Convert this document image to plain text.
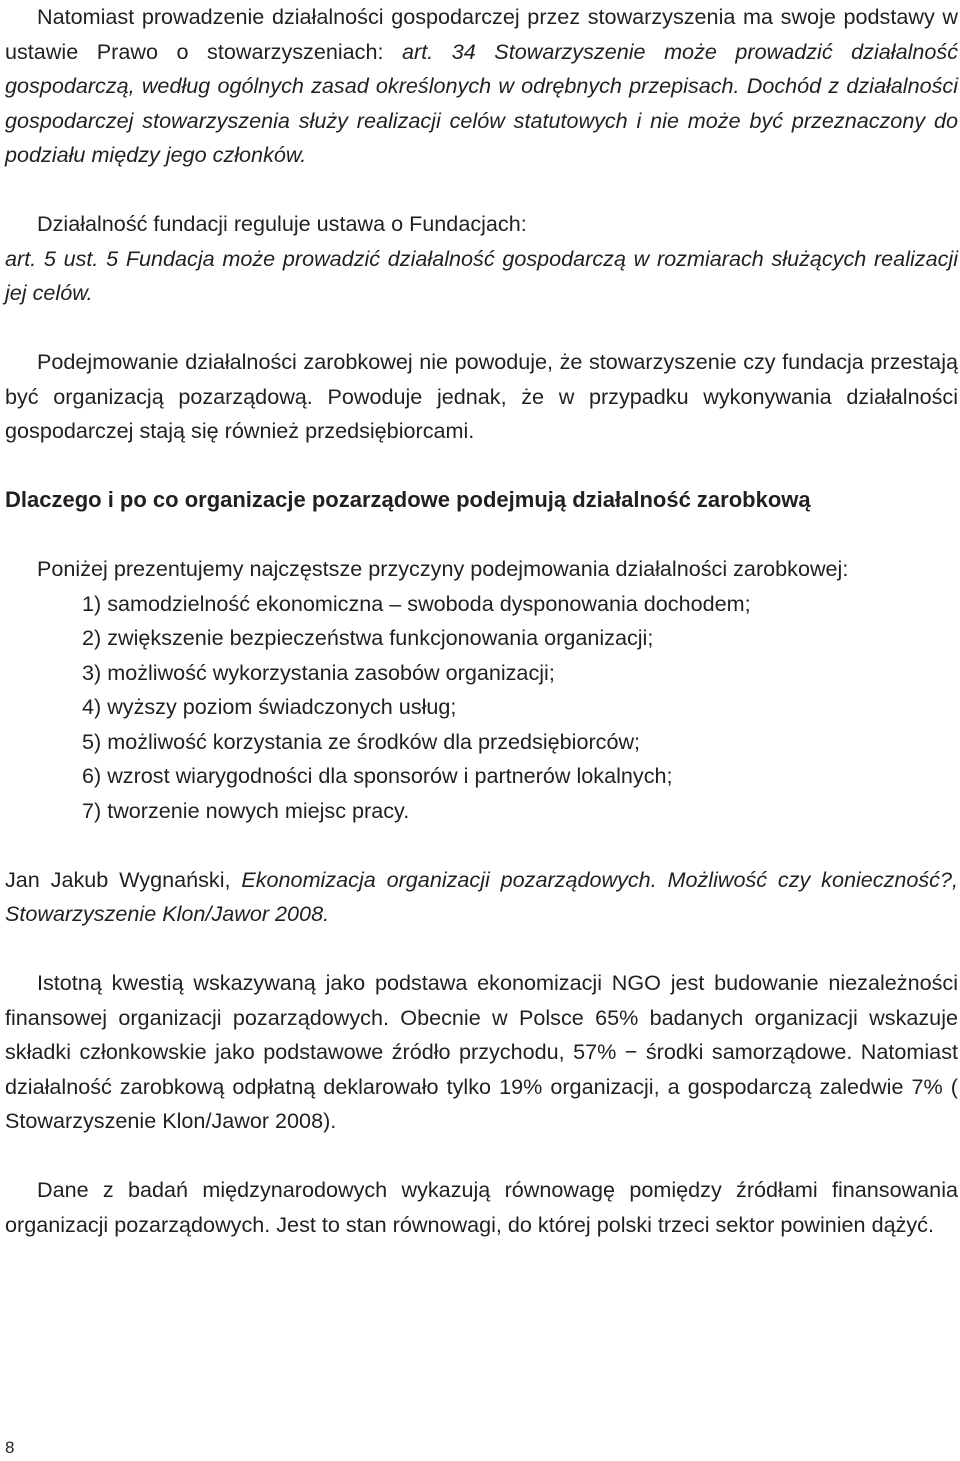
Natomiast prowadzenie działalności gospodarczej przez stowarzyszenia ma swoje podstawy w ustawie Prawo o stowarzyszeniach: art. 34 Stowarzyszenie może prowadzić działalność gospodarczą, według ogólnych zasad określonych w odrębnych przepisach. Dochód z działalności gospodarczej stowarzyszenia służy realizacji celów statutowych i nie może być przeznaczony do podziału między jego członków.

Działalność fundacji reguluje ustawa o Fundacjach:
art. 5 ust. 5 Fundacja może prowadzić działalność gospodarczą w rozmiarach służących realizacji jej celów.

Podejmowanie działalności zarobkowej nie powoduje, że stowarzyszenie czy fundacja przestają być organizacją pozarządową. Powoduje jednak, że w przypadku wykonywania działalności gospodarczej stają się również przedsiębiorcami.

Dlaczego i po co organizacje pozarządowe podejmują działalność zarobkową

Poniżej prezentujemy najczęstsze przyczyny podejmowania działalności zarobkowej:

1) samodzielność ekonomiczna – swoboda dysponowania dochodem;
2) zwiększenie bezpieczeństwa funkcjonowania organizacji;
3) możliwość wykorzystania zasobów organizacji;
4) wyższy poziom świadczonych usług;
5) możliwość korzystania ze środków dla przedsiębiorców;
6) wzrost wiarygodności dla sponsorów i partnerów lokalnych;
7) tworzenie nowych miejsc pracy.

Jan Jakub Wygnański, Ekonomizacja organizacji pozarządowych. Możliwość czy konieczność?, Stowarzyszenie Klon/Jawor 2008.

Istotną kwestią wskazywaną jako podstawa ekonomizacji NGO jest budowanie niezależności finansowej organizacji pozarządowych. Obecnie w Polsce 65% badanych organizacji wskazuje składki członkowskie jako podstawowe źródło przychodu, 57% − środki samorządowe. Natomiast działalność zarobkową odpłatną deklarowało tylko 19% organizacji, a gospodarczą zaledwie 7% ( Stowarzyszenie Klon/Jawor 2008).

Dane z badań międzynarodowych wykazują równowagę pomiędzy źródłami finansowania organizacji pozarządowych. Jest to stan równowagi, do której polski trzeci sektor powinien dążyć.

8
